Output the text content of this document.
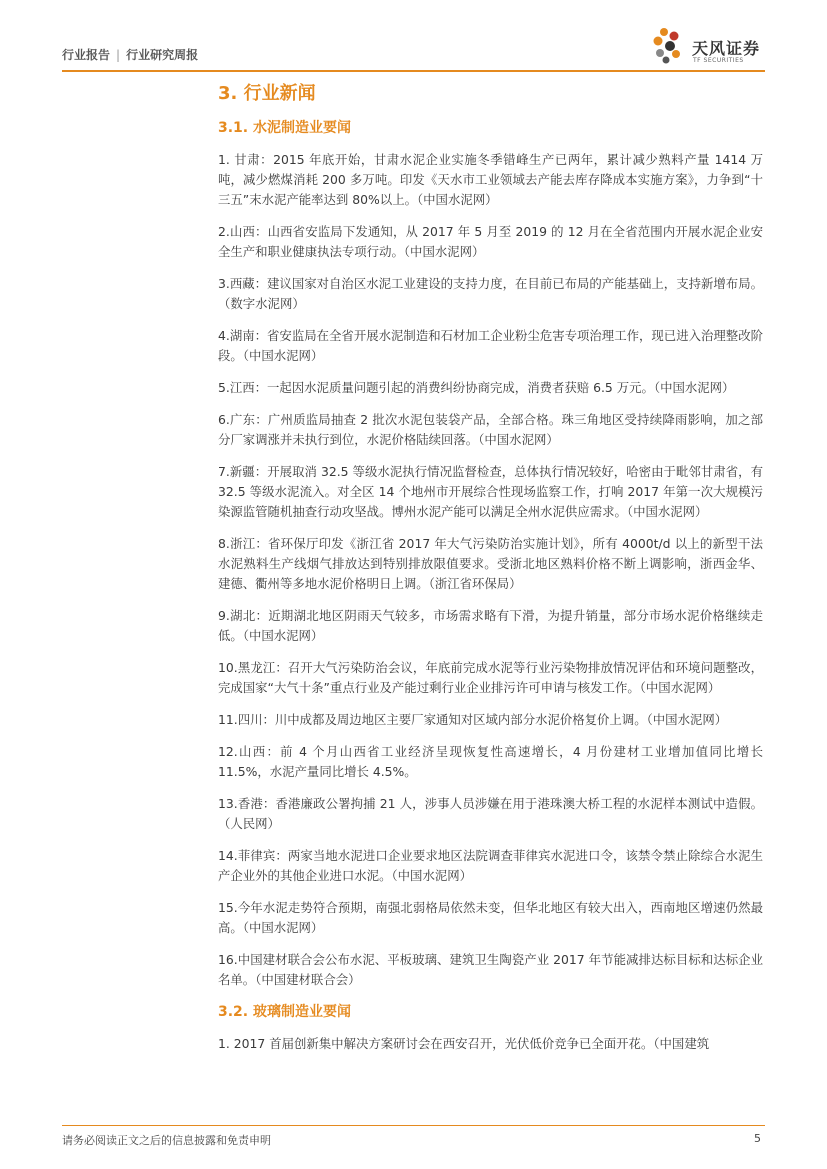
行业报告 | 行业研究周报	天风证券
TF SECURITIES
3. 行业新闻
3.1. 水泥制造业要闻

1. 甘肃：2015 年底开始，甘肃水泥企业实施冬季错峰生产已两年，累计减少熟料产量 1414 万吨，减少燃煤消耗 200 多万吨。印发《天水市工业领域去产能去库存降成本实施方案》，力争到“十三五”末水泥产能率达到 80%以上。（中国水泥网）

2.山西：山西省安监局下发通知，从 2017 年 5 月至 2019 的 12 月在全省范围内开展水泥企业安全生产和职业健康执法专项行动。（中国水泥网）

3.西藏：建议国家对自治区水泥工业建设的支持力度，在目前已布局的产能基础上，支持新增布局。（数字水泥网）

4.湖南：省安监局在全省开展水泥制造和石材加工企业粉尘危害专项治理工作，现已进入治理整改阶段。（中国水泥网）

5.江西：一起因水泥质量问题引起的消费纠纷协商完成，消费者获赔 6.5 万元。（中国水泥网）

6.广东：广州质监局抽查 2 批次水泥包装袋产品，全部合格。珠三角地区受持续降雨影响，加之部分厂家调涨并未执行到位，水泥价格陆续回落。（中国水泥网）

7.新疆：开展取消 32.5 等级水泥执行情况监督检查，总体执行情况较好，哈密由于毗邻甘肃省，有 32.5 等级水泥流入。对全区 14 个地州市开展综合性现场监察工作，打响 2017 年第一次大规模污染源监管随机抽查行动攻坚战。博州水泥产能可以满足全州水泥供应需求。（中国水泥网）

8.浙江：省环保厅印发《浙江省 2017 年大气污染防治实施计划》，所有 4000t/d 以上的新型干法水泥熟料生产线烟气排放达到特别排放限值要求。受浙北地区熟料价格不断上调影响，浙西金华、建德、衢州等多地水泥价格明日上调。（浙江省环保局）

9.湖北：近期湖北地区阴雨天气较多，市场需求略有下滑，为提升销量，部分市场水泥价格继续走低。（中国水泥网）

10.黑龙江：召开大气污染防治会议，年底前完成水泥等行业污染物排放情况评估和环境问题整改，完成国家“大气十条”重点行业及产能过剩行业企业排污许可申请与核发工作。（中国水泥网）

11.四川：川中成都及周边地区主要厂家通知对区域内部分水泥价格复价上调。（中国水泥网）

12.山西：前 4 个月山西省工业经济呈现恢复性高速增长，4 月份建材工业增加值同比增长 11.5%，水泥产量同比增长 4.5%。

13.香港：香港廉政公署拘捕 21 人，涉事人员涉嫌在用于港珠澳大桥工程的水泥样本测试中造假。（人民网）

14.菲律宾：两家当地水泥进口企业要求地区法院调查菲律宾水泥进口令，该禁令禁止除综合水泥生产企业外的其他企业进口水泥。（中国水泥网）

15.今年水泥走势符合预期，南强北弱格局依然未变，但华北地区有较大出入，西南地区增速仍然最高。（中国水泥网）

16.中国建材联合会公布水泥、平板玻璃、建筑卫生陶瓷产业 2017 年节能减排达标目标和达标企业名单。（中国建材联合会）

3.2. 玻璃制造业要闻

1. 2017 首届创新集中解决方案研讨会在西安召开，光伏低价竞争已全面开花。（中国建筑

请务必阅读正文之后的信息披露和免责申明	5
